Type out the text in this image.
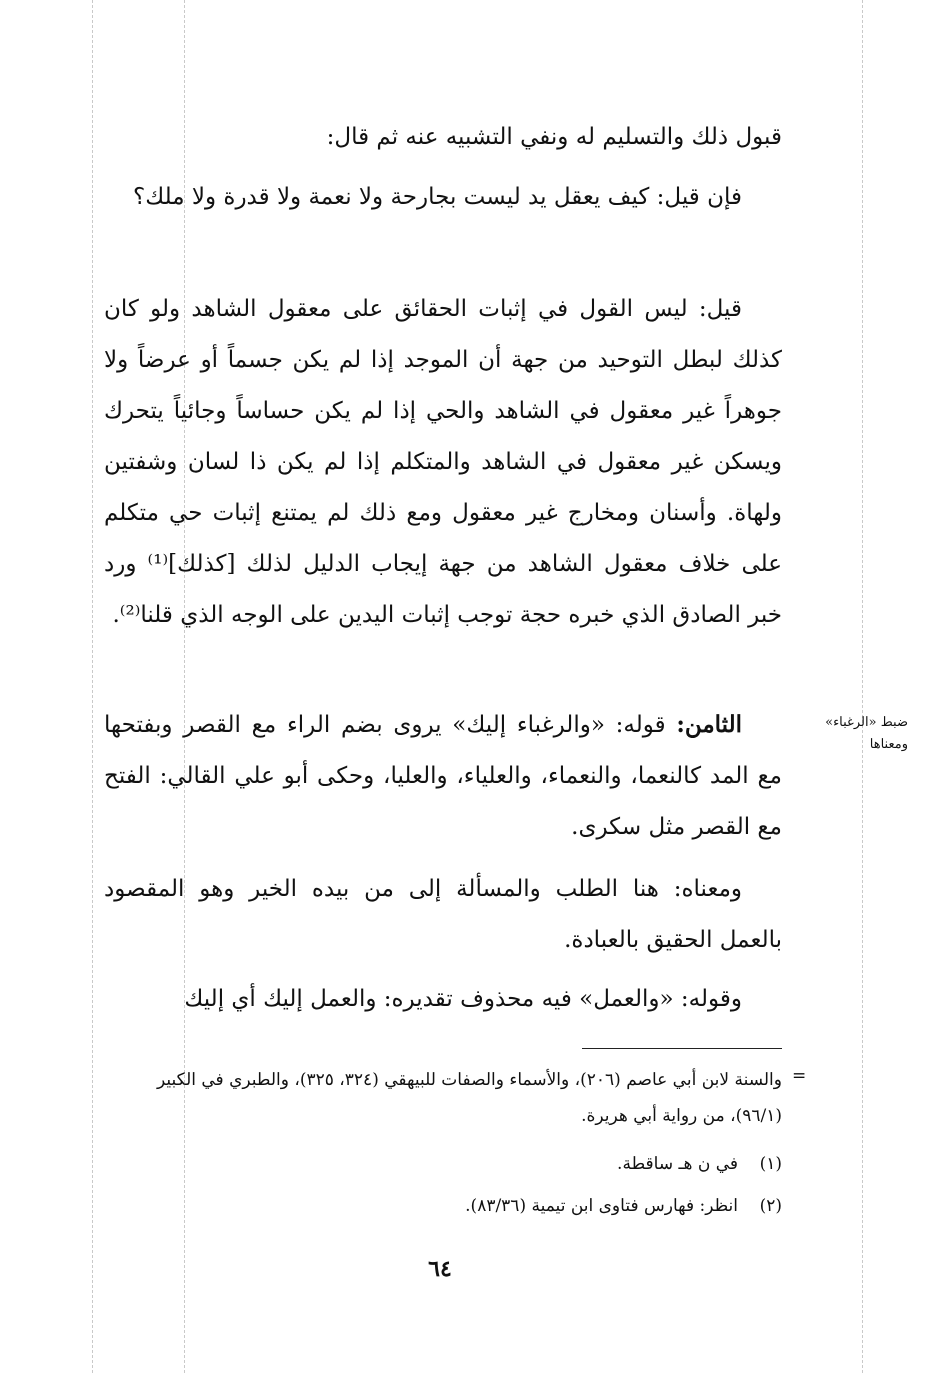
قبول ذلك والتسليم له ونفي التشبيه عنه ثم قال:

فإن قيل: كيف يعقل يد ليست بجارحة ولا نعمة ولا قدرة ولا ملك؟

قيل: ليس القول في إثبات الحقائق على معقول الشاهد ولو كان كذلك لبطل التوحيد من جهة أن الموجد إذا لم يكن جسماً أو عرضاً ولا جوهراً غير معقول في الشاهد والحي إذا لم يكن حساساً وجائياً يتحرك ويسكن غير معقول في الشاهد والمتكلم إذا لم يكن ذا لسان وشفتين ولهاة. وأسنان ومخارج غير معقول ومع ذلك لم يمتنع إثبات حي متكلم على خلاف معقول الشاهد من جهة إيجاب الدليل لذلك [كذلك]⁽¹⁾ ورد خبر الصادق الذي خبره حجة توجب إثبات اليدين على الوجه الذي قلنا⁽²⁾.

الثامن: قوله: «والرغباء إليك» يروى بضم الراء مع القصر وبفتحها مع المد كالنعما، والنعماء، والعلياء، والعليا، وحكى أبو علي القالي: الفتح مع القصر مثل سكرى.

ضبط «الرغباء» ومعناها

ومعناه: هنا الطلب والمسألة إلى من بيده الخير وهو المقصود بالعمل الحقيق بالعبادة.

وقوله: «والعمل» فيه محذوف تقديره: والعمل إليك أي إليك

=

والسنة لابن أبي عاصم (٢٠٦)، والأسماء والصفات للبيهقي (٣٢٤، ٣٢٥)، والطبري في الكبير (٩٦/١)، من رواية أبي هريرة.

(١)في ن هـ ساقطة.

(٢)انظر: فهارس فتاوى ابن تيمية (٨٣/٣٦).

٦٤
